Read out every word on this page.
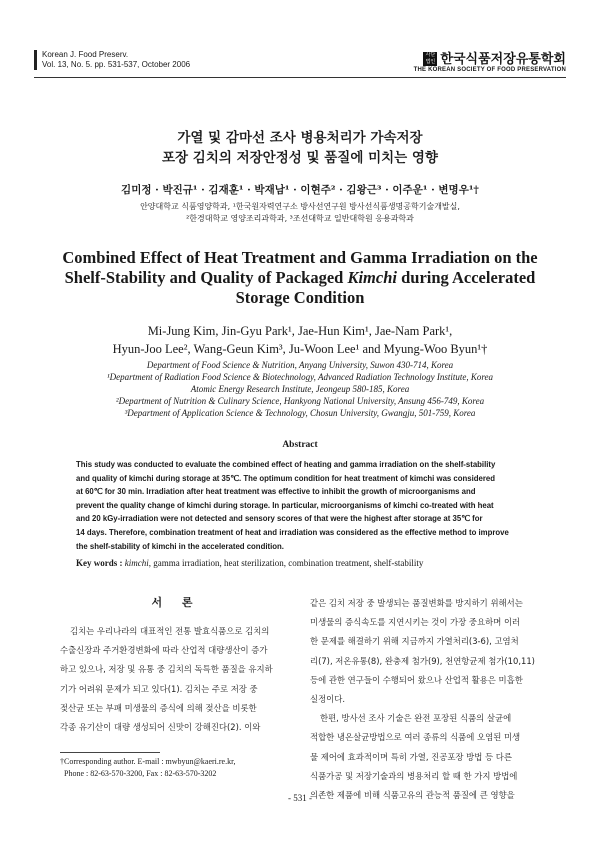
Korean J. Food Preserv.
Vol. 13, No. 5. pp. 531-537, October 2006
사단 법인 한국식품저장유통학회
THE KOREAN SOCIETY OF FOOD PRESERVATION
가열 및 감마선 조사 병용처리가 가속저장
포장 김치의 저장안정성 및 품질에 미치는 영향
김미정 · 박진규¹ · 김재훈¹ · 박재남¹ · 이현주² · 김왕근³ · 이주운¹ · 변명우¹†
안양대학교 식품영양학과, ¹한국원자력연구소 방사선연구원 방사선식품생명공학기술개발실,
²한경대학교 영양조리과학과, ³조선대학교 일반대학원 응용과학과
Combined Effect of Heat Treatment and Gamma Irradiation on the
Shelf-Stability and Quality of Packaged Kimchi during Accelerated
Storage Condition
Mi-Jung Kim, Jin-Gyu Park¹, Jae-Hun Kim¹, Jae-Nam Park¹,
Hyun-Joo Lee², Wang-Geun Kim³, Ju-Woon Lee¹ and Myung-Woo Byun¹†
Department of Food Science & Nutrition, Anyang University, Suwon 430-714, Korea
¹Department of Radiation Food Science & Biotechnology, Advanced Radiation Technology Institute, Korea
Atomic Energy Research Institute, Jeongeup 580-185, Korea
²Department of Nutrition & Culinary Science, Hankyong National University, Ansung 456-749, Korea
³Department of Application Science & Technology, Chosun University, Gwangju, 501-759, Korea
Abstract
This study was conducted to evaluate the combined effect of heating and gamma irradiation on the shelf-stability
and quality of kimchi during storage at 35℃. The optimum condition for heat treatment of kimchi was considered
at 60℃ for 30 min. Irradiation after heat treatment was effective to inhibit the growth of microorganisms and
prevent the quality change of kimchi during storage. In particular, microorganisms of kimchi co-treated with heat
and 20 kGy-irradiation were not detected and sensory scores of that were the highest after storage at 35℃ for
14 days. Therefore, combination treatment of heat and irradiation was considered as the effective method to improve
the shelf-stability of kimchi in the accelerated condition.
Key words : kimchi, gamma irradiation, heat sterilization, combination treatment, shelf-stability
서 론

김치는 우리나라의 대표적인 전통 발효식품으로 김치의

수출신장과 주거환경변화에 따라 산업적 대량생산이 증가

하고 있으나, 저장 및 유통 중 김치의 독특한 품질을 유지하

기가 어려워 문제가 되고 있다(1). 김치는 주로 저장 중

젖산균 또는 부패 미생물의 증식에 의해 젖산을 비롯한

각종 유기산이 대량 생성되어 신맛이 강해진다(2). 이와

같은 김치 저장 중 발생되는 품질변화를 방지하기 위해서는

미생물의 증식속도를 지연시키는 것이 가장 중요하며 이러

한 문제를 해결하기 위해 지금까지 가열처리(3-6), 고염처

리(7), 저온유통(8), 완충제 첨가(9), 천연항균제 첨가(10,11)

등에 관한 연구들이 수행되어 왔으나 산업적 활용은 미흡한

실정이다.

한편, 방사선 조사 기술은 완전 포장된 식품의 살균에

적합한 냉온살균방법으로 여러 종류의 식품에 오염된 미생

물 제어에 효과적이며 특히 가열, 진공포장 방법 등 다른

식품가공 및 저장기술과의 병용처리 할 때 한 가지 방법에

의존한 제품에 비해 식품고유의 관능적 품질에 큰 영향을

†Corresponding author. E-mail : mwbyun@kaeri.re.kr,
Phone : 82-63-570-3200, Fax : 82-63-570-3202
- 531 -
